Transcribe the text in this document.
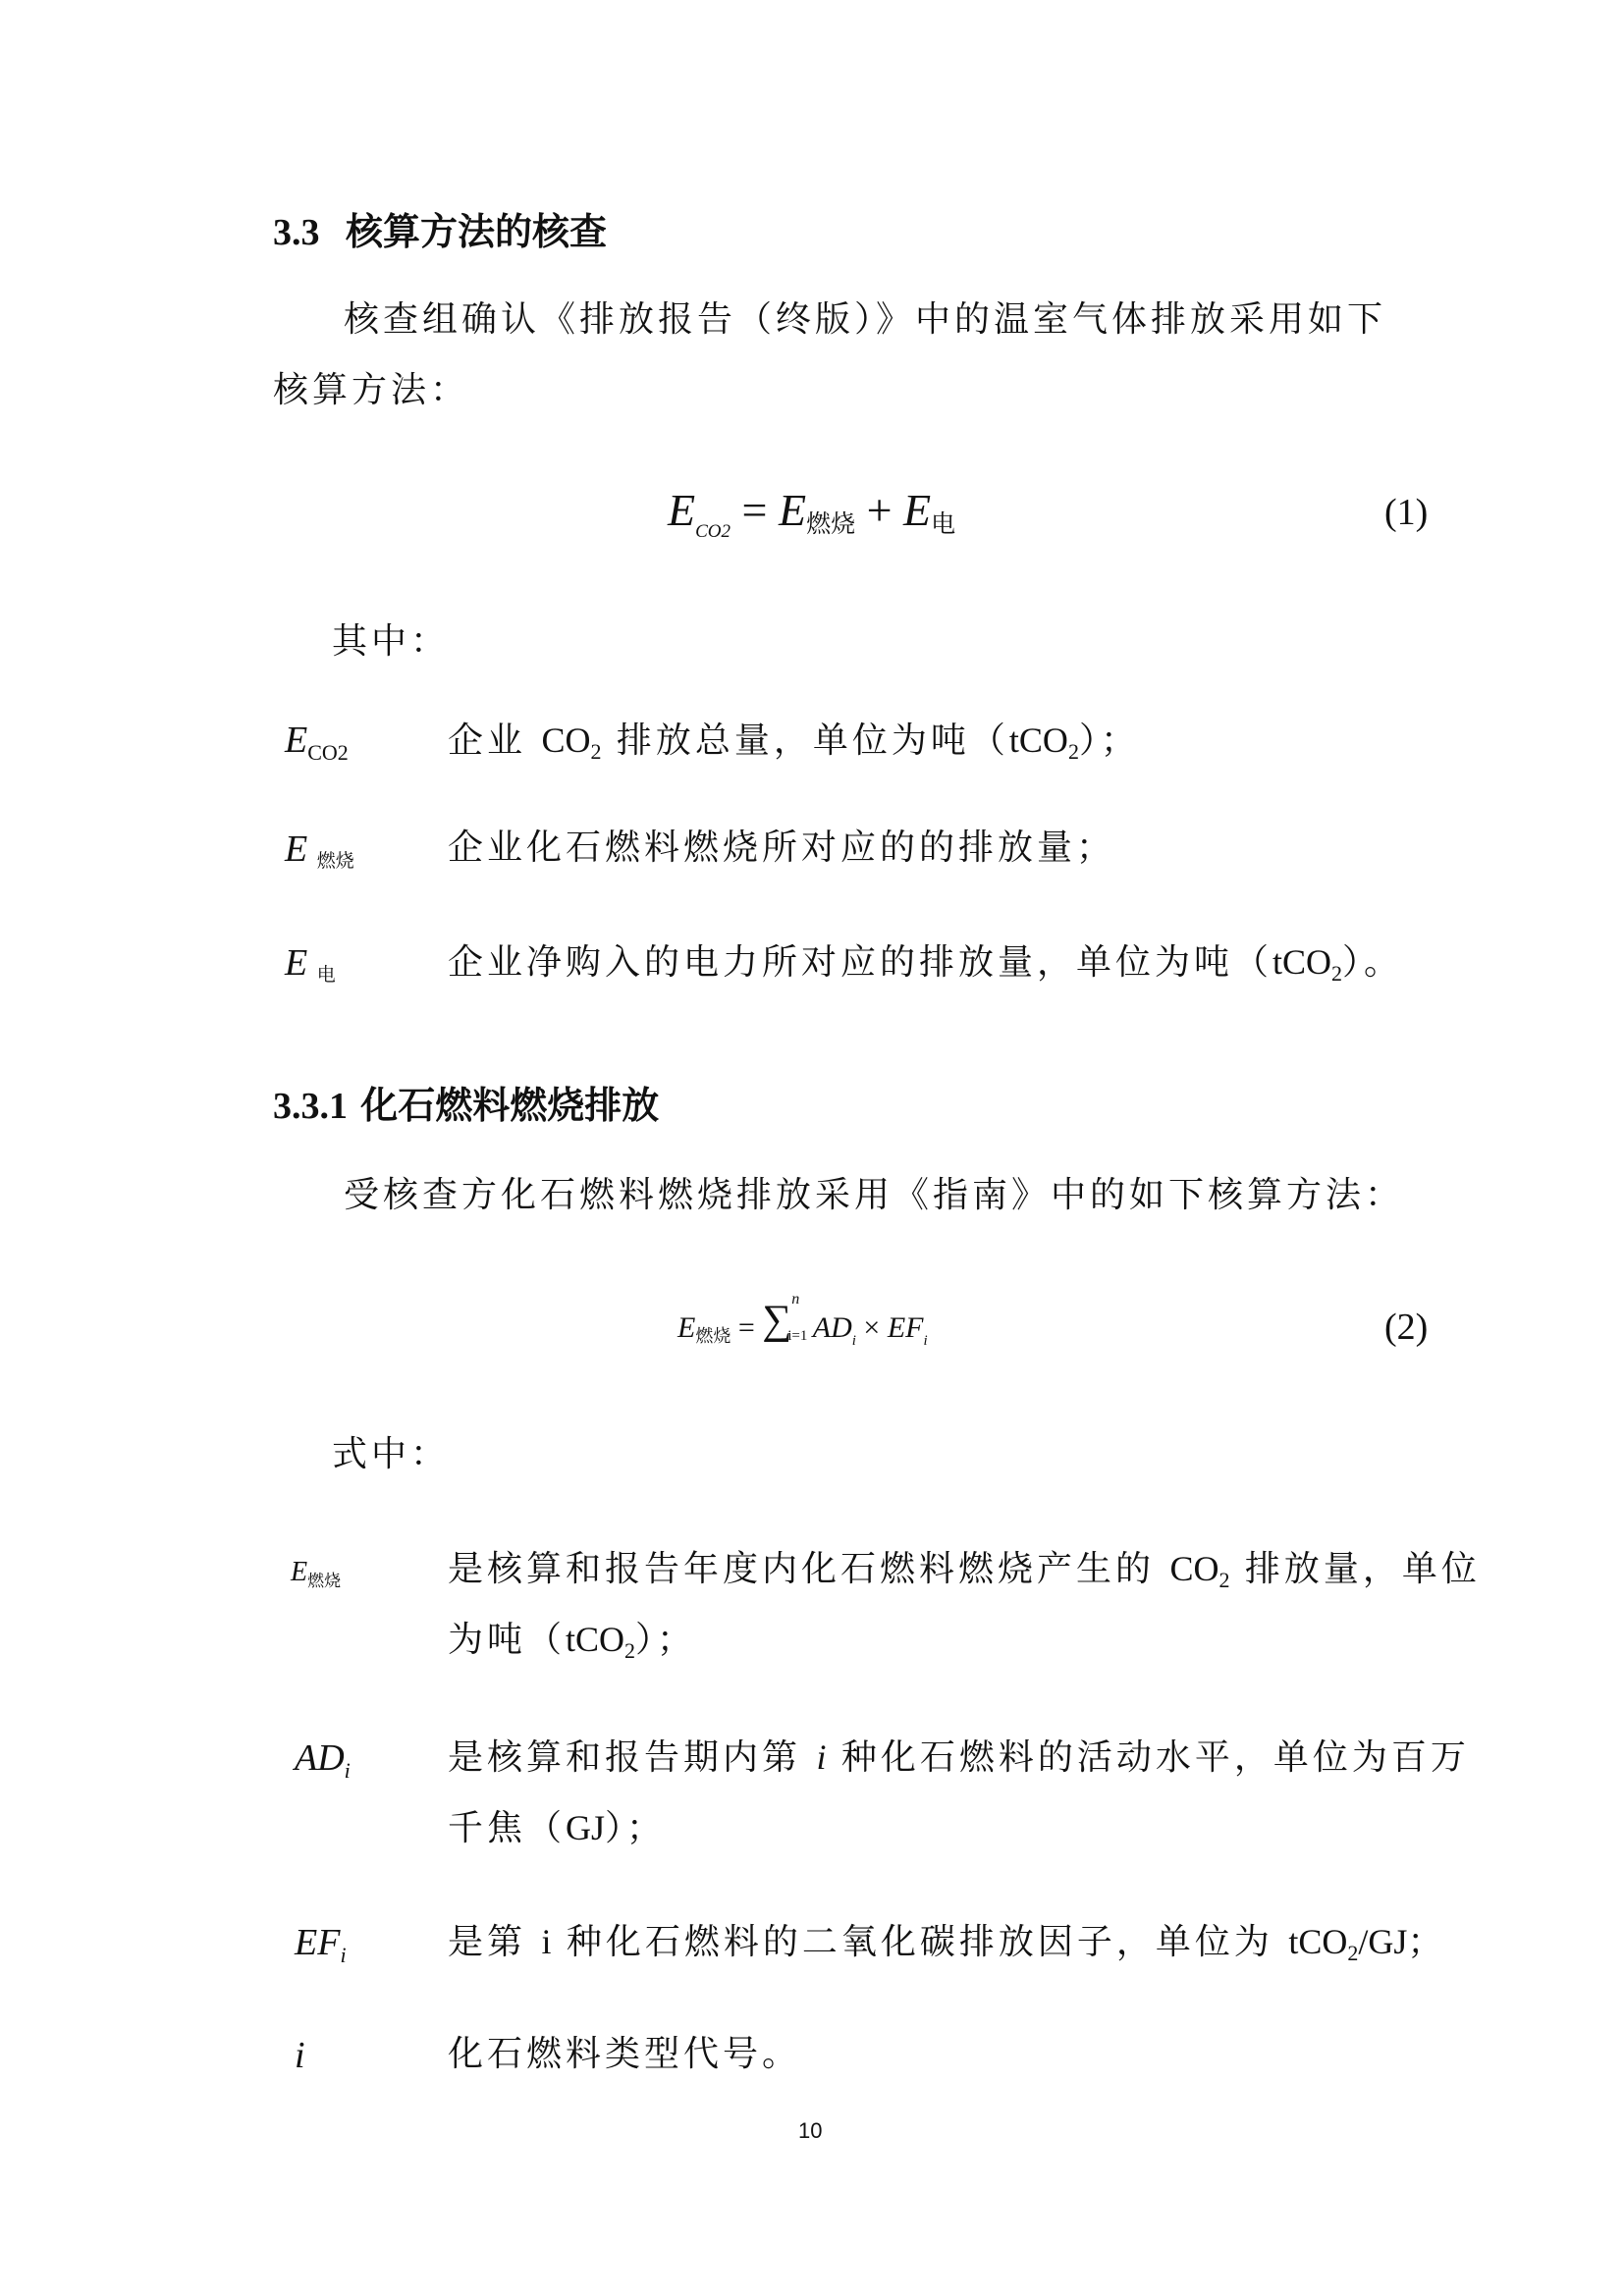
3.3 核算方法的核查
核查组确认《排放报告（终版）》中的温室气体排放采用如下
核算方法：
$E_{CO2} = E$燃烧 + E电	(1)
其中：
$E_{CO2}$	企业 CO2 排放总量，单位为吨（tCO2）；
E $_{燃烧}$	企业化石燃料燃烧所对应的的排放量；
E $_电$	企业净购入的电力所对应的排放量，单位为吨（tCO2）。
3.3.1 化石燃料燃烧排放
受核查方化石燃料燃烧排放采用《指南》中的如下核算方法：
E燃烧 = ∑ n
i=1 $AD_i \times EF_i$	(2)
式中：
$E_{燃烧}$	是核算和报告年度内化石燃料燃烧产生的 CO2 排放量，单位
为吨（tCO2）；
$AD_i$	是核算和报告期内第 i 种化石燃料的活动水平，单位为百万
千焦（GJ）；
$EF_i$	是第 i 种化石燃料的二氧化碳排放因子，单位为 tCO2/GJ；
i	化石燃料类型代号。
10
